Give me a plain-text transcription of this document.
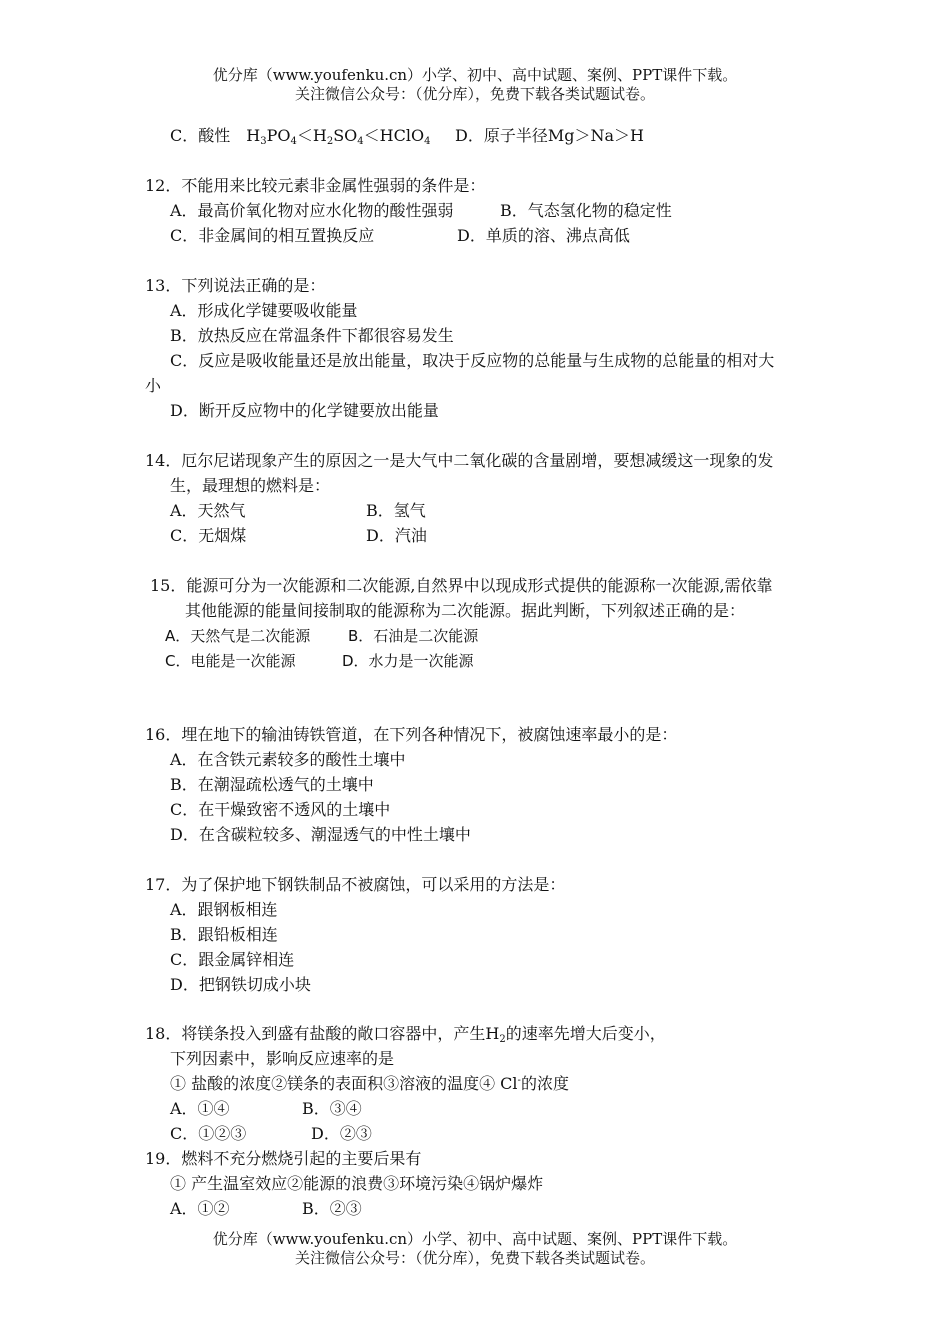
优分库（www.youfenku.cn）小学、初中、高中试题、案例、PPT课件下载。
关注微信公众号：（优分库），免费下载各类试题试卷。
C．酸性　$H_3PO_4<H_2SO_4<HClO_4$ D．原子半径Mg＞Na＞H
12．不能用来比较元素非金属性强弱的条件是：
A．最高价氧化物对应水化物的酸性强弱	B．气态氢化物的稳定性
C．非金属间的相互置换反应	D．单质的溶、沸点高低
13．下列说法正确的是：
A．形成化学键要吸收能量
B．放热反应在常温条件下都很容易发生
C．反应是吸收能量还是放出能量，取决于反应物的总能量与生成物的总能量的相对大
小
D．断开反应物中的化学键要放出能量
14．厄尔尼诺现象产生的原因之一是大气中二氧化碳的含量剧增，要想减缓这一现象的发
生，最理想的燃料是：
A．天然气	B．氢气
C．无烟煤	D．汽油
15．能源可分为一次能源和二次能源,自然界中以现成形式提供的能源称一次能源,需依靠
其他能源的能量间接制取的能源称为二次能源。据此判断，下列叙述正确的是：
A．天然气是二次能源	B．石油是二次能源
C．电能是一次能源	D．水力是一次能源
16．埋在地下的输油铸铁管道，在下列各种情况下，被腐蚀速率最小的是：
A．在含铁元素较多的酸性土壤中
B．在潮湿疏松透气的土壤中
C．在干燥致密不透风的土壤中
D．在含碳粒较多、潮湿透气的中性土壤中
17．为了保护地下钢铁制品不被腐蚀，可以采用的方法是：
A．跟钢板相连
B．跟铅板相连
C．跟金属锌相连
D．把钢铁切成小块
18．将镁条投入到盛有盐酸的敞口容器中，产生$H_2$的速率先增大后变小，
下列因素中，影响反应速率的是
① 盐酸的浓度②镁条的表面积③溶液的温度④ Cl-的浓度
A．①④	B．③④
C．①②③	D．②③
19．燃料不充分燃烧引起的主要后果有
① 产生温室效应②能源的浪费③环境污染④锅炉爆炸
A．①②	B．②③
优分库（www.youfenku.cn）小学、初中、高中试题、案例、PPT课件下载。
关注微信公众号：（优分库），免费下载各类试题试卷。
